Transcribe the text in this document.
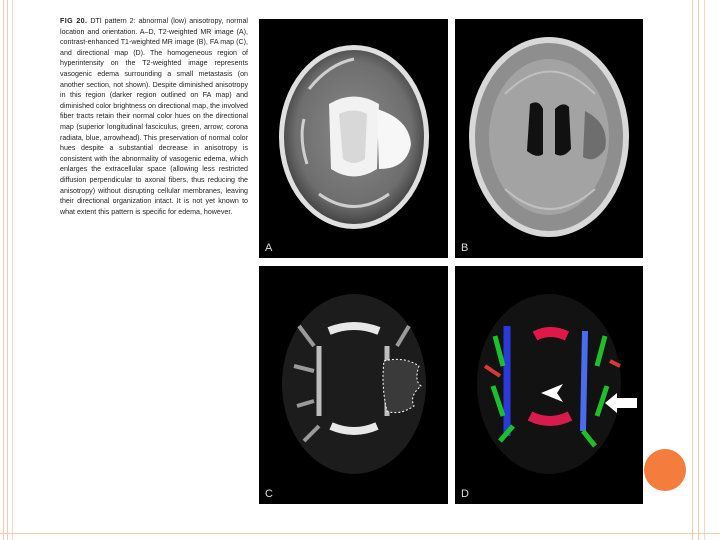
FIG 20. DTI pattern 2: abnormal (low) anisotropy, normal location and orientation. A–D, T2-weighted MR image (A), contrast-enhanced T1-weighted MR image (B), FA map (C), and directional map (D). The homogeneous region of hyperintensity on the T2-weighted image represents vasogenic edema surrounding a small metastasis (on another section, not shown). Despite diminished anisotropy in this region (darker region outlined on FA map) and diminished color brightness on directional map, the involved fiber tracts retain their normal color hues on the directional map (superior longitudinal fasciculus, green, arrow; corona radiata, blue, arrowhead). This preservation of normal color hues despite a substantial decrease in anisotropy is consistent with the abnormality of vasogenic edema, which enlarges the extracellular space (allowing less restricted diffusion perpendicular to axonal fibers, thus reducing the anisotropy) without disrupting cellular membranes, leaving their directional organization intact. It is not yet known to what extent this pattern is specific for edema, however.
A	B
C	D
